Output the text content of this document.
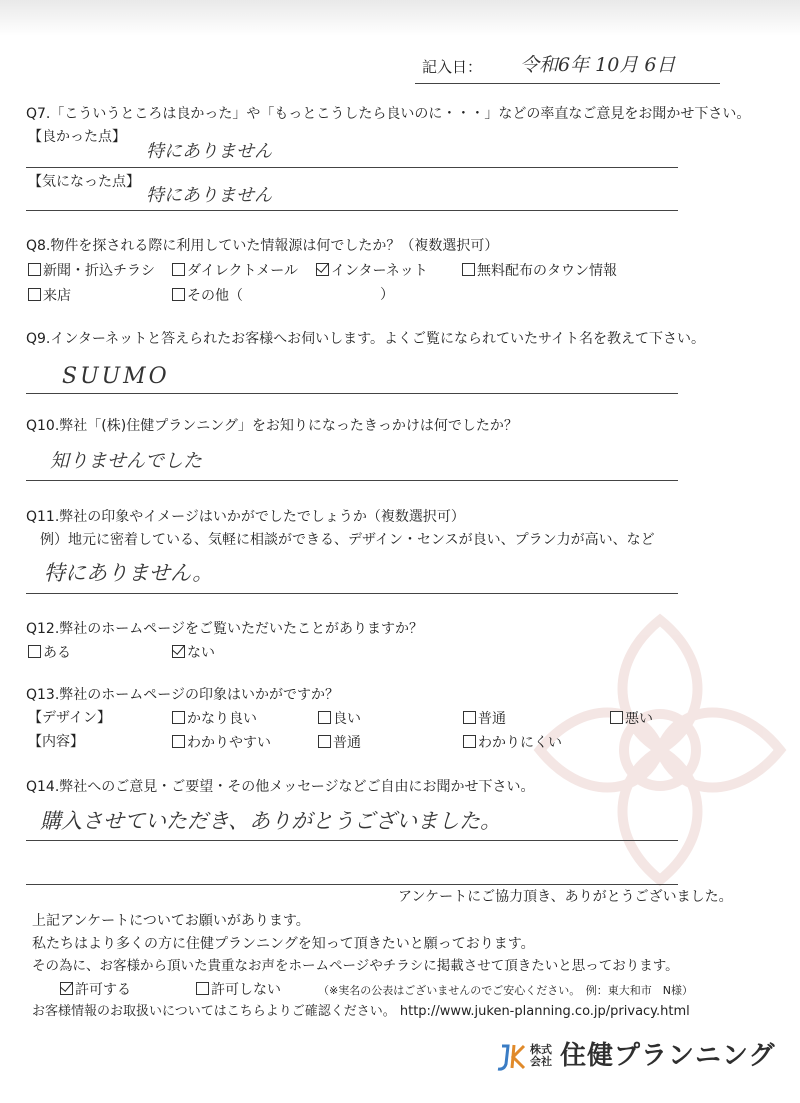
記入日： 令和6年 10月 6日
Q7.「こういうところは良かった」や「もっとこうしたら良いのに・・・」などの率直なご意見をお聞かせ下さい。
【良かった点】
特にありません
【気になった点】
特にありません
Q8.物件を探される際に利用していた情報源は何でしたか？（複数選択可）
新聞・折込チラシ	ダイレクトメール	インターネット	無料配布のタウン情報
来店	その他（	）
Q9.インターネットと答えられたお客様へお伺いします。よくご覧になられていたサイト名を教えて下さい。
SUUMO
Q10.弊社「(株)住健プランニング」をお知りになったきっかけは何でしたか？
知りませんでした
Q11.弊社の印象やイメージはいかがでしたでしょうか（複数選択可）
例）地元に密着している、気軽に相談ができる、デザイン・センスが良い、プラン力が高い、など
特にありません。
Q12.弊社のホームページをご覧いただいたことがありますか？
ある	ない
Q13.弊社のホームページの印象はいかがですか？
【デザイン】	かなり良い	良い	普通	悪い
【内容】	わかりやすい	普通	わかりにくい
Q14.弊社へのご意見・ご要望・その他メッセージなどご自由にお聞かせ下さい。
購入させていただき、ありがとうございました。
アンケートにご協力頂き、ありがとうございました。
上記アンケートについてお願いがあります。
私たちはより多くの方に住健プランニングを知って頂きたいと願っております。
その為に、お客様から頂いた貴重なお声をホームページやチラシに掲載させて頂きたいと思っております。
許可する	許可しない	（※実名の公表はございませんのでご安心ください。　例：東大和市　N様）
お客様情報のお取扱いについてはこちらよりご確認ください。 http://www.juken-planning.co.jp/privacy.html
株式会社 住健プランニング
